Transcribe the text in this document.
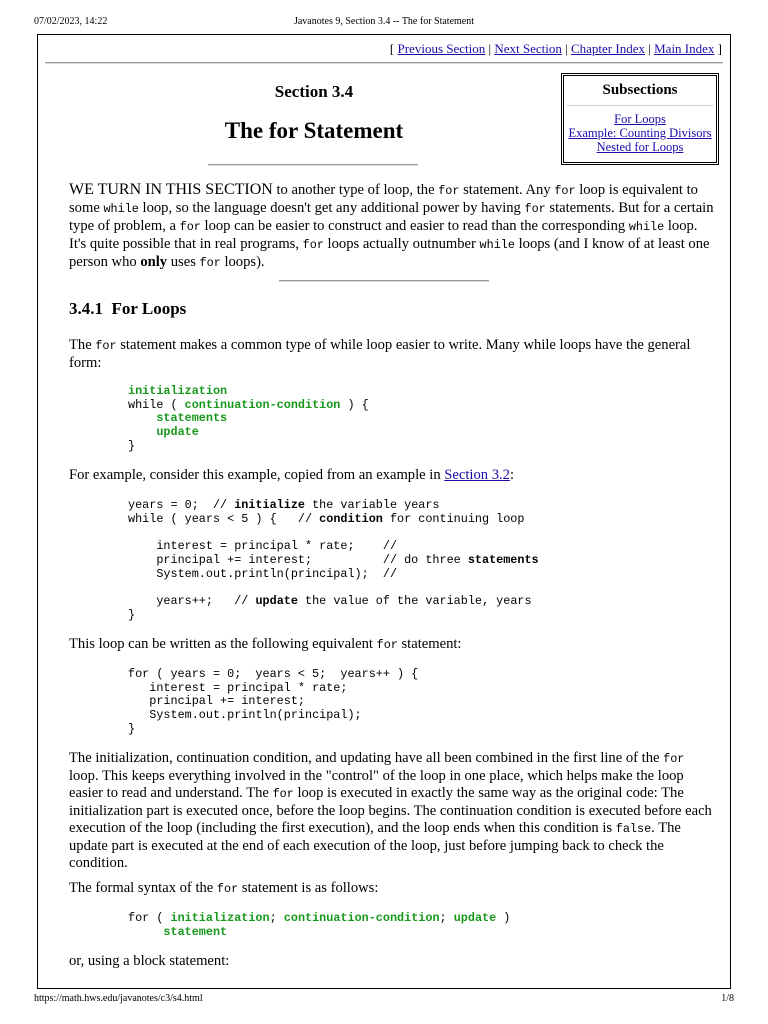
07/02/2023, 14:22	Javanotes 9, Section 3.4 -- The for Statement
[ Previous Section | Next Section | Chapter Index | Main Index ]
Subsections
For Loops
Example: Counting Divisors
Nested for Loops
Section 3.4
The for Statement
WE TURN IN THIS SECTION to another type of loop, the for statement. Any for loop is equivalent to some while loop, so the language doesn't get any additional power by having for statements. But for a certain type of problem, a for loop can be easier to construct and easier to read than the corresponding while loop. It's quite possible that in real programs, for loops actually outnumber while loops (and I know of at least one person who only uses for loops).
3.4.1  For Loops
The for statement makes a common type of while loop easier to write. Many while loops have the general form:
initialization
while ( continuation-condition ) {
statements
update
}
For example, consider this example, copied from an example in Section 3.2:
years = 0;  // initialize the variable years
while ( years < 5 ) {   // condition for continuing loop

interest = principal * rate;    //
principal += interest;          // do three statements
System.out.println(principal);  //

years++;   // update the value of the variable, years
}
This loop can be written as the following equivalent for statement:
for ( years = 0;  years < 5;  years++ ) {
interest = principal * rate;
principal += interest;
System.out.println(principal);
}
The initialization, continuation condition, and updating have all been combined in the first line of the for loop. This keeps everything involved in the "control" of the loop in one place, which helps make the loop easier to read and understand. The for loop is executed in exactly the same way as the original code: The initialization part is executed once, before the loop begins. The continuation condition is executed before each execution of the loop (including the first execution), and the loop ends when this condition is false. The update part is executed at the end of each execution of the loop, just before jumping back to check the condition.
The formal syntax of the for statement is as follows:
for ( initialization; continuation-condition; update )
statement
or, using a block statement:
https://math.hws.edu/javanotes/c3/s4.html	1/8
